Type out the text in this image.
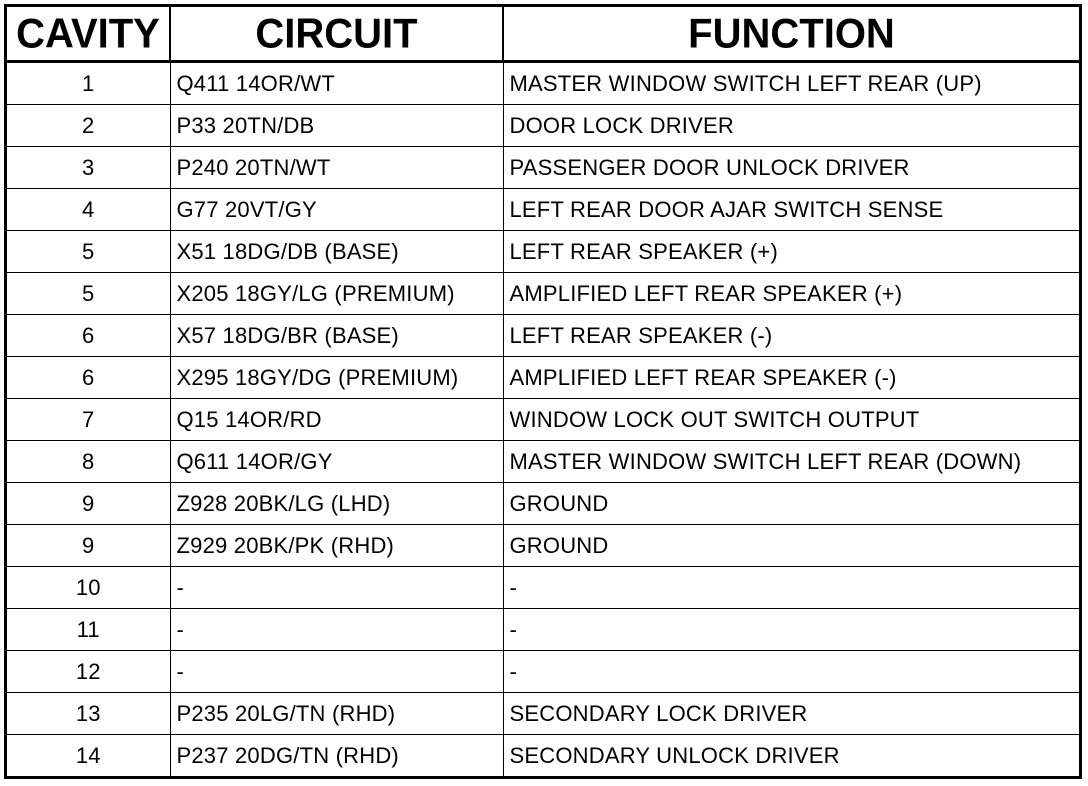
CAVITY	CIRCUIT	FUNCTION
1	Q411 14OR/WT	MASTER WINDOW SWITCH LEFT REAR (UP)
2	P33 20TN/DB	DOOR LOCK DRIVER
3	P240 20TN/WT	PASSENGER DOOR UNLOCK DRIVER
4	G77 20VT/GY	LEFT REAR DOOR AJAR SWITCH SENSE
5	X51 18DG/DB (BASE)	LEFT REAR SPEAKER (+)
5	X205 18GY/LG (PREMIUM)	AMPLIFIED LEFT REAR SPEAKER (+)
6	X57 18DG/BR (BASE)	LEFT REAR SPEAKER (-)
6	X295 18GY/DG (PREMIUM)	AMPLIFIED LEFT REAR SPEAKER (-)
7	Q15 14OR/RD	WINDOW LOCK OUT SWITCH OUTPUT
8	Q611 14OR/GY	MASTER WINDOW SWITCH LEFT REAR (DOWN)
9	Z928 20BK/LG (LHD)	GROUND
9	Z929 20BK/PK (RHD)	GROUND
10	-	-
11	-	-
12	-	-
13	P235 20LG/TN (RHD)	SECONDARY LOCK DRIVER
14	P237 20DG/TN (RHD)	SECONDARY UNLOCK DRIVER
